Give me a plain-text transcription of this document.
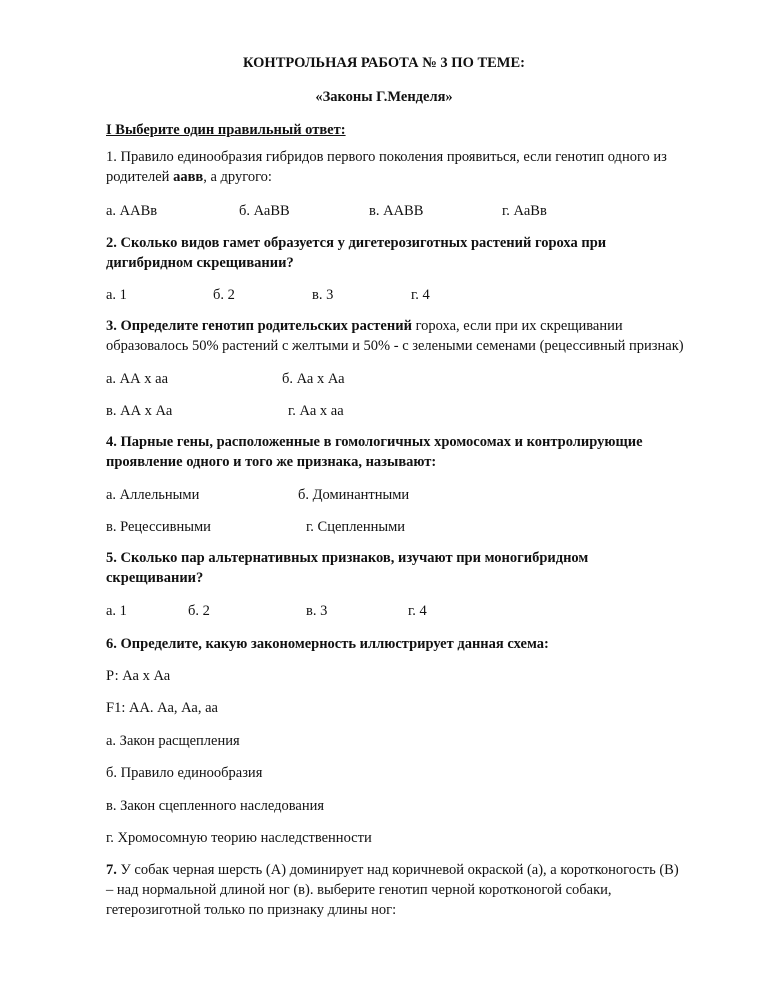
КОНТРОЛЬНАЯ РАБОТА № 3 ПО ТЕМЕ:
«Законы Г.Менделя»
I Выберите один правильный ответ:
1. Правило единообразия гибридов первого поколения проявиться, если генотип одного из
родителей аавв, а другого:
а. ААВв	б. АаВВ	в. ААВВ	г. АаВв
2. Сколько видов гамет образуется у дигетерозиготных растений гороха при
дигибридном скрещивании?
а. 1	б. 2	в. 3	г. 4
3. Определите генотип родительских растений гороха, если при их скрещивании
образовалось 50% растений с желтыми и 50% - с зелеными семенами (рецессивный признак)
а. АА х аа	б. Аа х Аа
в. АА х Аа	г. Аа х аа
4. Парные гены, расположенные в гомологичных хромосомах и контролирующие
проявление одного и того же признака, называют:
а. Аллельными	б. Доминантными
в. Рецессивными	г. Сцепленными
5. Сколько пар альтернативных признаков, изучают при моногибридном
скрещивании?
а. 1	б. 2	в. 3	г. 4
6. Определите, какую закономерность иллюстрирует данная схема:
Р: Аа х Аа
F1: АА. Аа, Аа, аа
а. Закон расщепления
б. Правило единообразия
в. Закон сцепленного наследования
г. Хромосомную теорию наследственности
7. У собак черная шерсть (А) доминирует над коричневой окраской (а), а коротконогость (В)
– над нормальной длиной ног (в). выберите генотип черной коротконогой собаки,
гетерозиготной только по признаку длины ног:
